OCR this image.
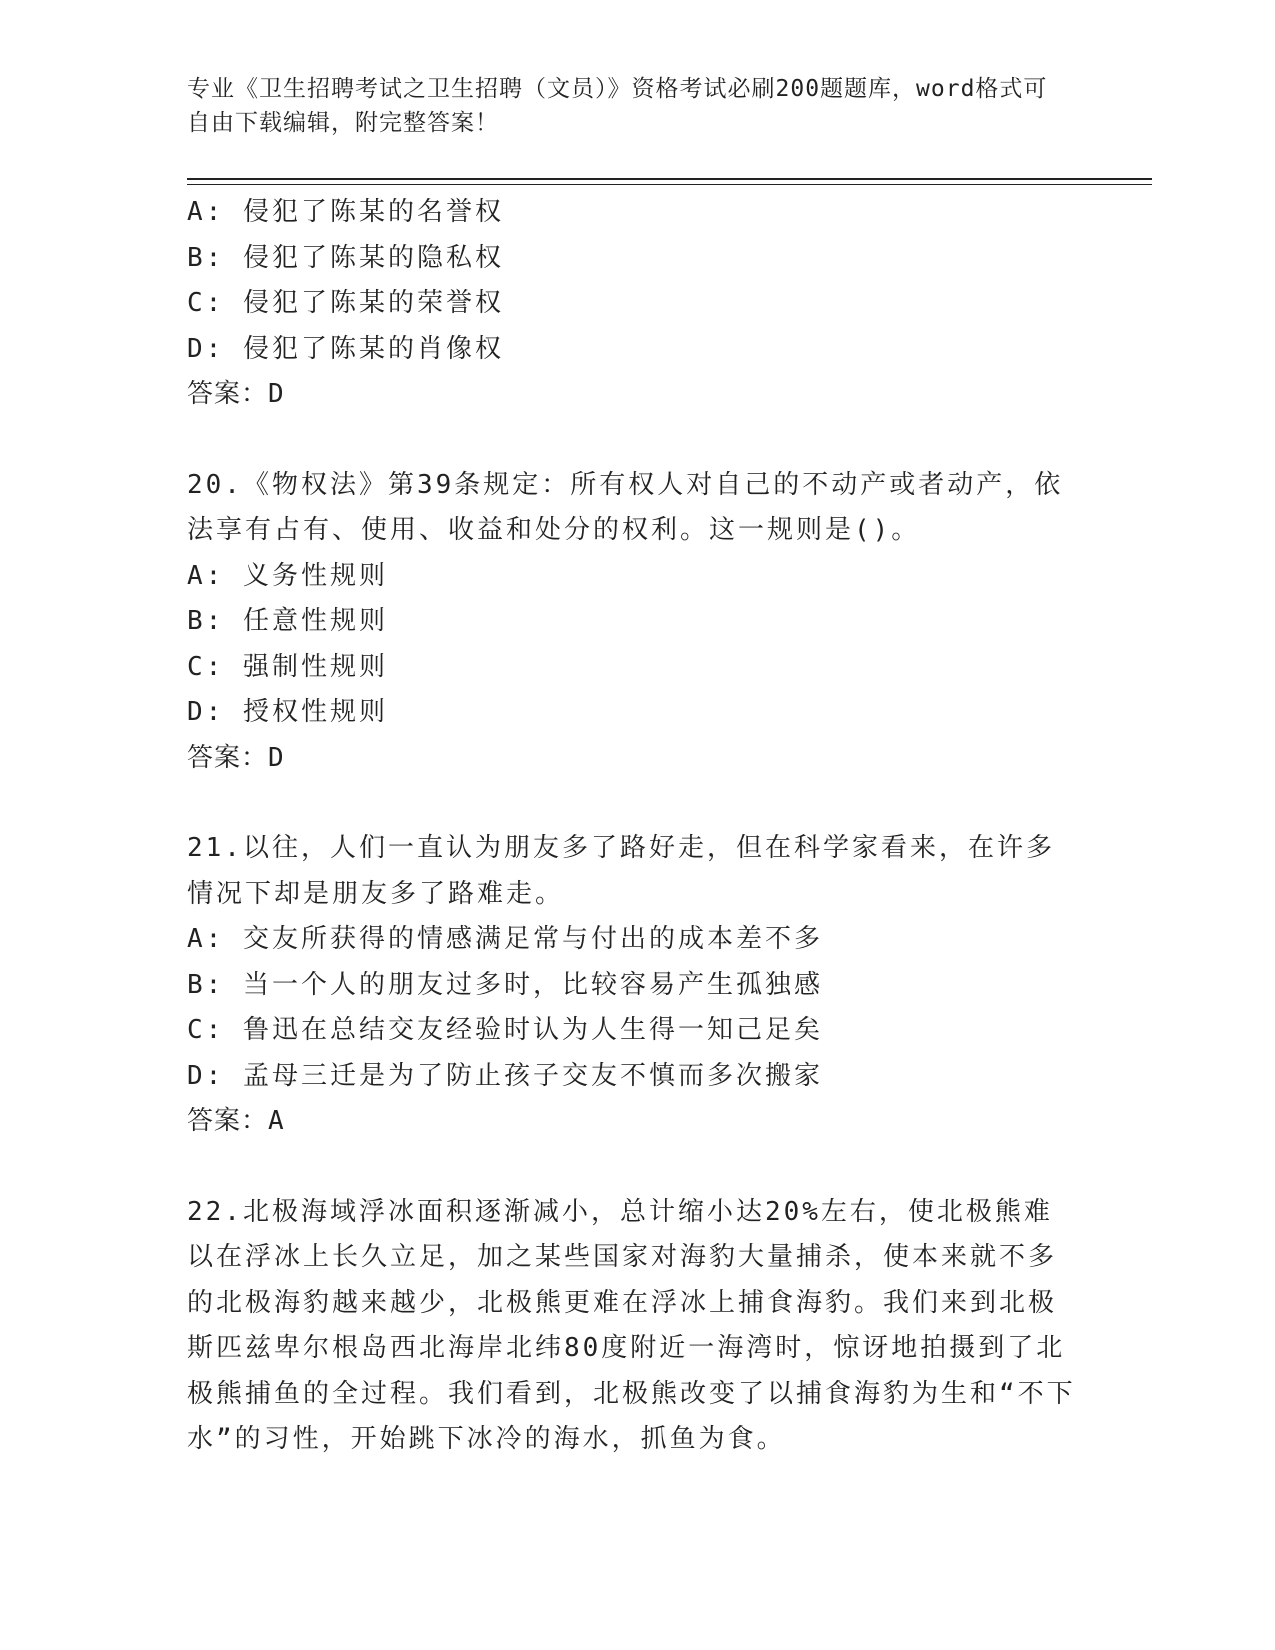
专业《卫生招聘考试之卫生招聘（文员）》资格考试必刷200题题库，word格式可自由下载编辑，附完整答案！

A: 侵犯了陈某的名誉权

B: 侵犯了陈某的隐私权

C: 侵犯了陈某的荣誉权

D: 侵犯了陈某的肖像权

答案：D

20.《物权法》第39条规定：所有权人对自己的不动产或者动产，依法享有占有、使用、收益和处分的权利。这一规则是()。

A: 义务性规则

B: 任意性规则

C: 强制性规则

D: 授权性规则

答案：D

21.以往，人们一直认为朋友多了路好走，但在科学家看来，在许多情况下却是朋友多了路难走。

A: 交友所获得的情感满足常与付出的成本差不多

B: 当一个人的朋友过多时，比较容易产生孤独感

C: 鲁迅在总结交友经验时认为人生得一知己足矣

D: 孟母三迁是为了防止孩子交友不慎而多次搬家

答案：A

22.北极海域浮冰面积逐渐减小，总计缩小达20%左右，使北极熊难以在浮冰上长久立足，加之某些国家对海豹大量捕杀，使本来就不多的北极海豹越来越少，北极熊更难在浮冰上捕食海豹。我们来到北极斯匹兹卑尔根岛西北海岸北纬80度附近一海湾时，惊讶地拍摄到了北极熊捕鱼的全过程。我们看到，北极熊改变了以捕食海豹为生和“不下水”的习性，开始跳下冰冷的海水，抓鱼为食。
